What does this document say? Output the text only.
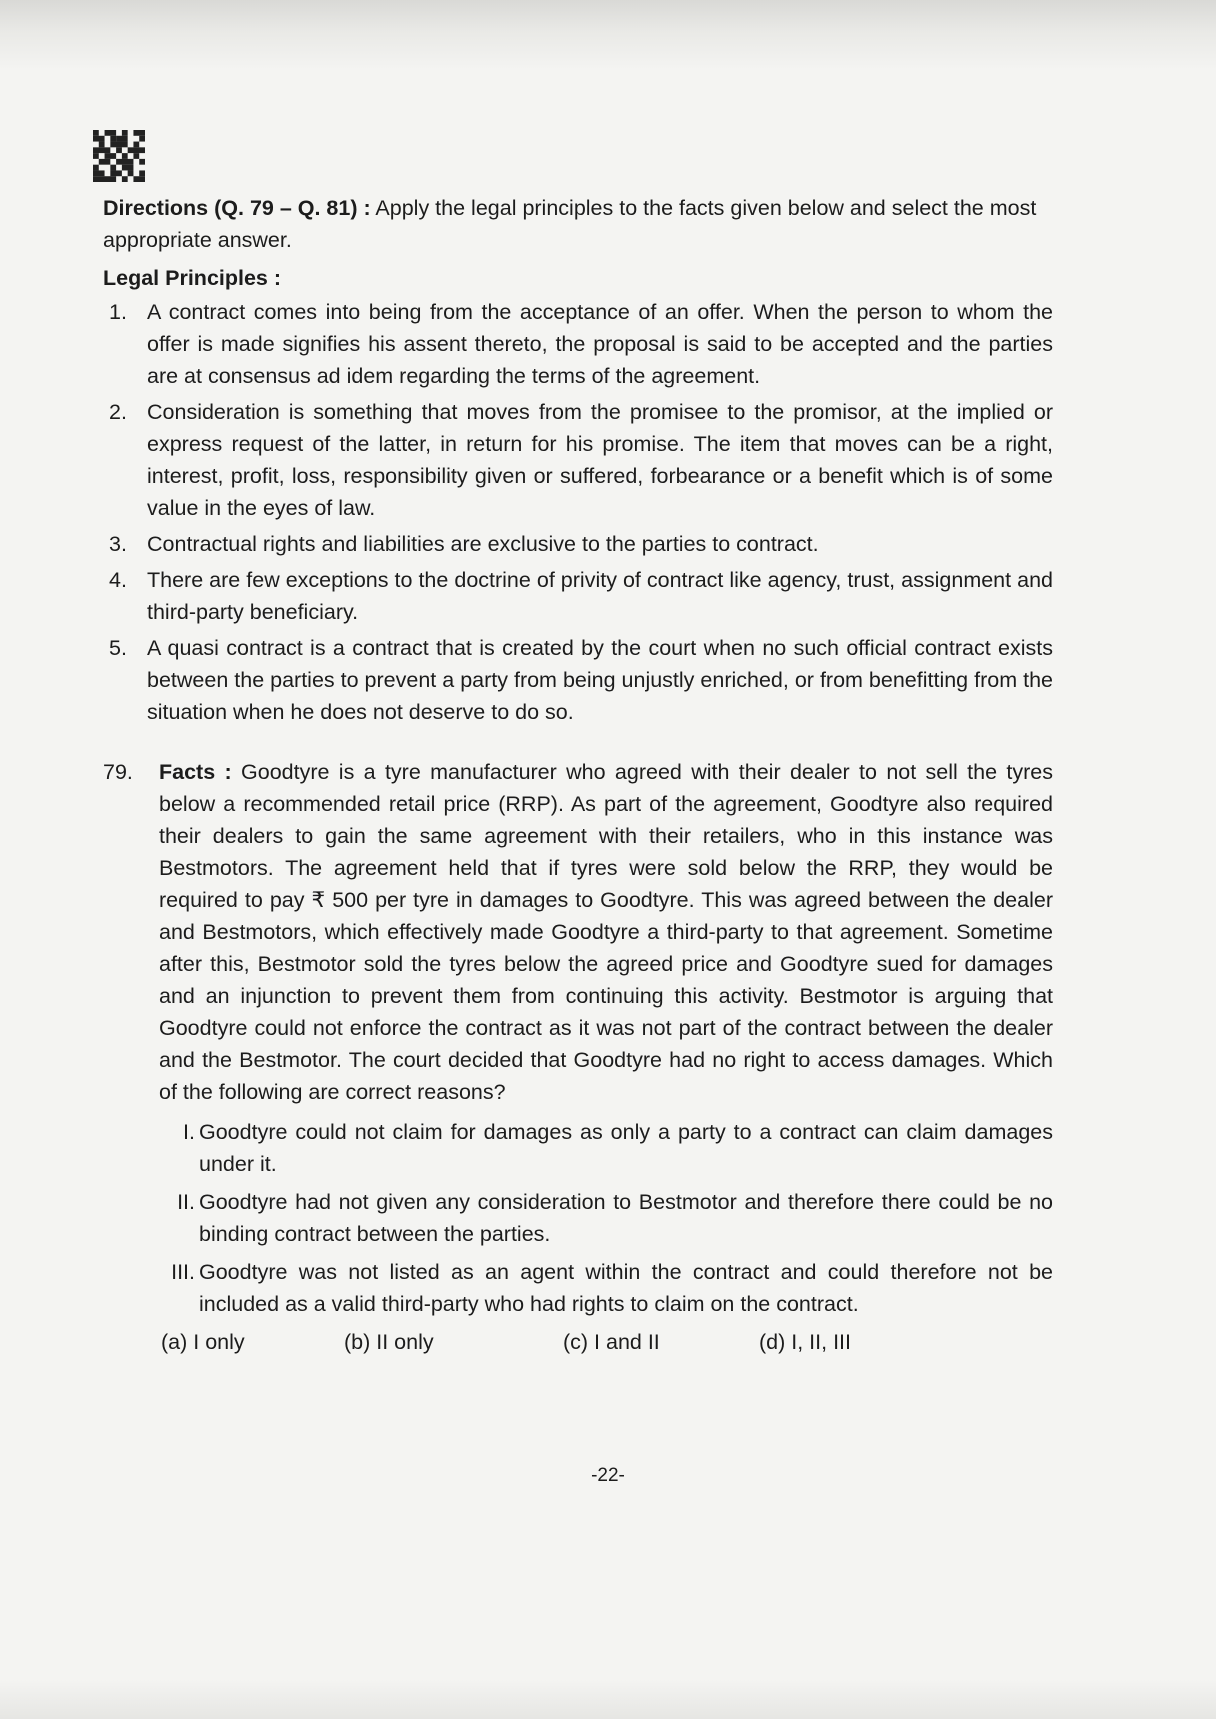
Directions (Q. 79 – Q. 81) : Apply the legal principles to the facts given below and select the most appropriate answer.

Legal Principles :
1. A contract comes into being from the acceptance of an offer. When the person to whom the offer is made signifies his assent thereto, the proposal is said to be accepted and the parties are at consensus ad idem regarding the terms of the agreement.
2. Consideration is something that moves from the promisee to the promisor, at the implied or express request of the latter, in return for his promise. The item that moves can be a right, interest, profit, loss, responsibility given or suffered, forbearance or a benefit which is of some value in the eyes of law.
3. Contractual rights and liabilities are exclusive to the parties to contract.
4. There are few exceptions to the doctrine of privity of contract like agency, trust, assignment and third-party beneficiary.
5. A quasi contract is a contract that is created by the court when no such official contract exists between the parties to prevent a party from being unjustly enriched, or from benefitting from the situation when he does not deserve to do so.
79. Facts : Goodtyre is a tyre manufacturer who agreed with their dealer to not sell the tyres below a recommended retail price (RRP). As part of the agreement, Goodtyre also required their dealers to gain the same agreement with their retailers, who in this instance was Bestmotors. The agreement held that if tyres were sold below the RRP, they would be required to pay ₹ 500 per tyre in damages to Goodtyre. This was agreed between the dealer and Bestmotors, which effectively made Goodtyre a third-party to that agreement. Sometime after this, Bestmotor sold the tyres below the agreed price and Goodtyre sued for damages and an injunction to prevent them from continuing this activity. Bestmotor is arguing that Goodtyre could not enforce the contract as it was not part of the contract between the dealer and the Bestmotor. The court decided that Goodtyre had no right to access damages. Which of the following are correct reasons?

I. Goodtyre could not claim for damages as only a party to a contract can claim damages under it.
II. Goodtyre had not given any consideration to Bestmotor and therefore there could be no binding contract between the parties.
III. Goodtyre was not listed as an agent within the contract and could therefore not be included as a valid third-party who had rights to claim on the contract.
(a) I only	(b) II only	(c) I and II	(d) I, II, III
-22-
